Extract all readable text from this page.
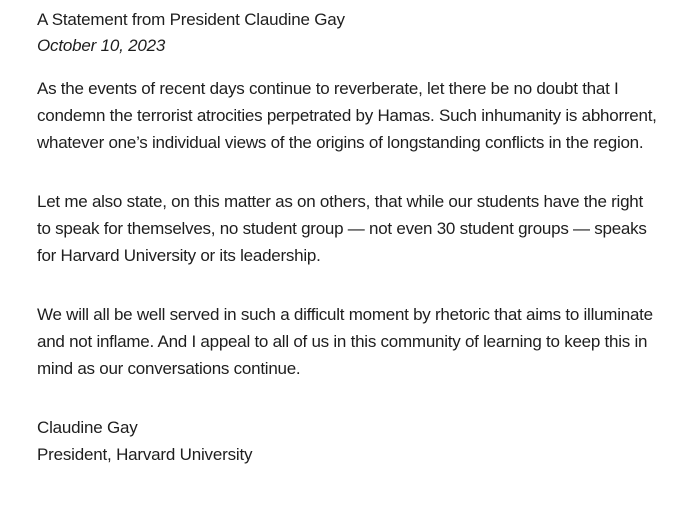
A Statement from President Claudine Gay
October 10, 2023

As the events of recent days continue to reverberate, let there be no doubt that I condemn the terrorist atrocities perpetrated by Hamas. Such inhumanity is abhorrent, whatever one’s individual views of the origins of longstanding conflicts in the region.

Let me also state, on this matter as on others, that while our students have the right to speak for themselves, no student group — not even 30 student groups — speaks for Harvard University or its leadership.

We will all be well served in such a difficult moment by rhetoric that aims to illuminate and not inflame. And I appeal to all of us in this community of learning to keep this in mind as our conversations continue.

Claudine Gay
President, Harvard University
